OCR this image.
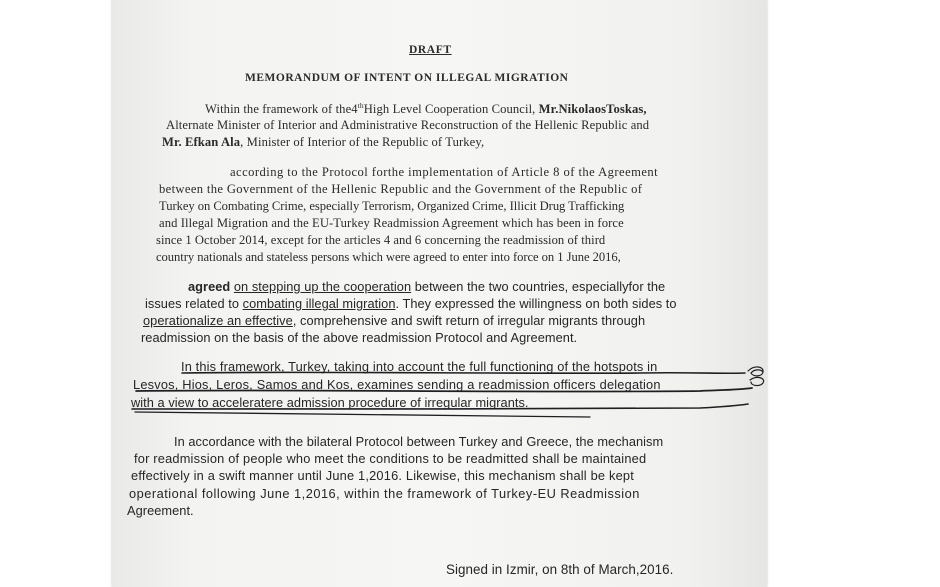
DRAFT
MEMORANDUM OF INTENT ON ILLEGAL MIGRATION
Within the framework of the4thHigh Level Cooperation Council, Mr.NikolaosToskas,
Alternate Minister of Interior and Administrative Reconstruction of the Hellenic Republic and
Mr. Efkan Ala, Minister of Interior of the Republic of Turkey,
according to the Protocol forthe implementation of Article 8 of the Agreement
between the Government of the Hellenic Republic and the Government of the Republic of
Turkey on Combating Crime, especially Terrorism, Organized Crime, Illicit Drug Trafficking
and Illegal Migration and the EU-Turkey Readmission Agreement which has been in force
since 1 October 2014, except for the articles 4 and 6 concerning the readmission of third
country nationals and stateless persons which were agreed to enter into force on 1 June 2016,
agreed on stepping up the cooperation between the two countries, especiallyfor the
issues related to combating illegal migration. They expressed the willingness on both sides to
operationalize an effective, comprehensive and swift return of irregular migrants through
readmission on the basis of the above readmission Protocol and Agreement.
In this framework, Turkey, taking into account the full functioning of the hotspots in
Lesvos, Hios, Leros, Samos and Kos, examines sending a readmission officers delegation
with a view to acceleratere admission procedure of irregular migrants.
In accordance with the bilateral Protocol between Turkey and Greece, the mechanism
for readmission of people who meet the conditions to be readmitted shall be maintained
effectively in a swift manner until June 1,2016. Likewise, this mechanism shall be kept
operational following June 1,2016, within the framework of Turkey-EU Readmission
Agreement.
Signed in Izmir, on 8th of March,2016.
